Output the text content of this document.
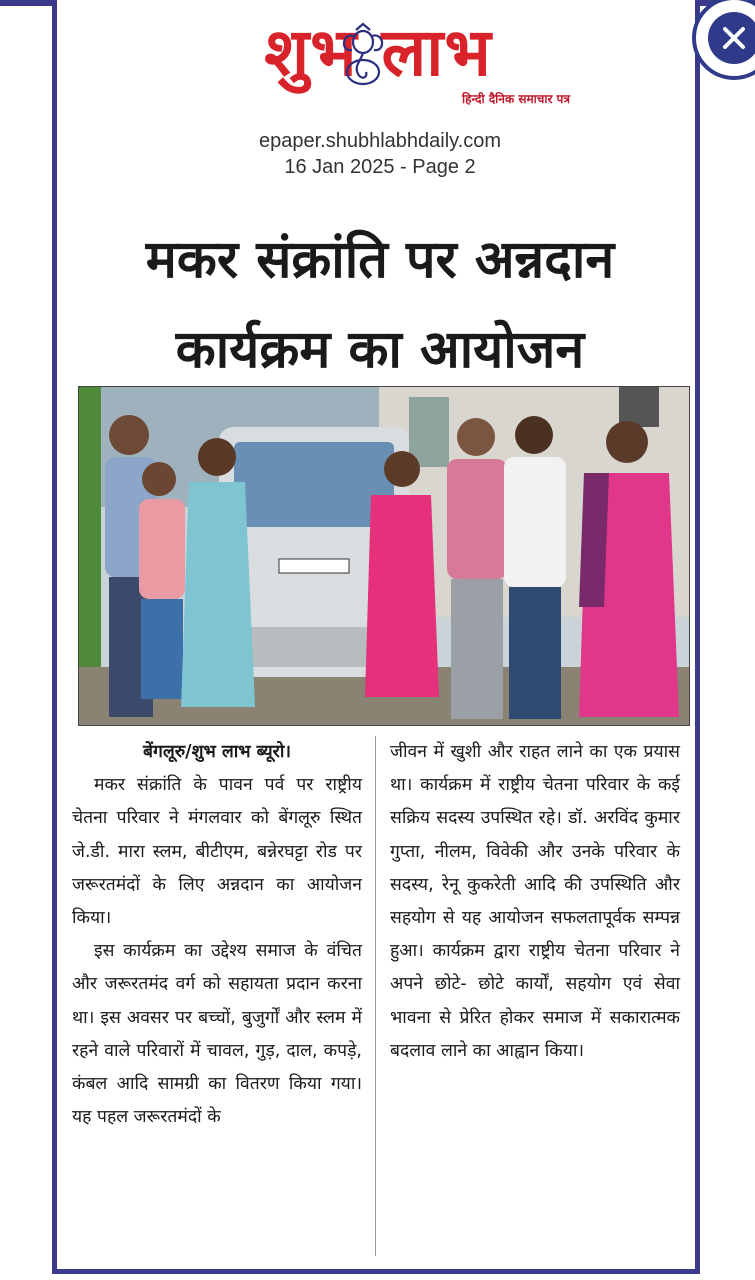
शुभ लाभ
हिन्दी दैनिक समाचार पत्र
epaper.shubhlabhdaily.com
16 Jan 2025 - Page 2
मकर संक्रांति पर अन्नदान
कार्यक्रम का आयोजन
बेंगलूरु/शुभ लाभ ब्यूरो।
मकर संक्रांति के पावन पर्व पर राष्ट्रीय चेतना परिवार ने मंगलवार को बेंगलूरु स्थित जे.डी. मारा स्लम, बीटीएम, बन्नेरघट्टा रोड पर जरूरतमंदों के लिए अन्नदान का आयोजन किया।
इस कार्यक्रम का उद्देश्य समाज के वंचित और जरूरतमंद वर्ग को सहायता प्रदान करना था। इस अवसर पर बच्चों, बुजुर्गों और स्लम में रहने वाले परिवारों में चावल, गुड़, दाल, कपड़े, कंबल आदि सामग्री का वितरण किया गया। यह पहल जरूरतमंदों के
जीवन में खुशी और राहत लाने का एक प्रयास था। कार्यक्रम में राष्ट्रीय चेतना परिवार के कई सक्रिय सदस्य उपस्थित रहे। डॉ. अरविंद कुमार गुप्ता, नीलम, विवेकी और उनके परिवार के सदस्य, रेनू कुकरेती आदि की उपस्थिति और सहयोग से यह आयोजन सफलतापूर्वक सम्पन्न हुआ। कार्यक्रम द्वारा राष्ट्रीय चेतना परिवार ने अपने छोटे- छोटे कार्यों, सहयोग एवं सेवा भावना से प्रेरित होकर समाज में सकारात्मक बदलाव लाने का आह्वान किया।
